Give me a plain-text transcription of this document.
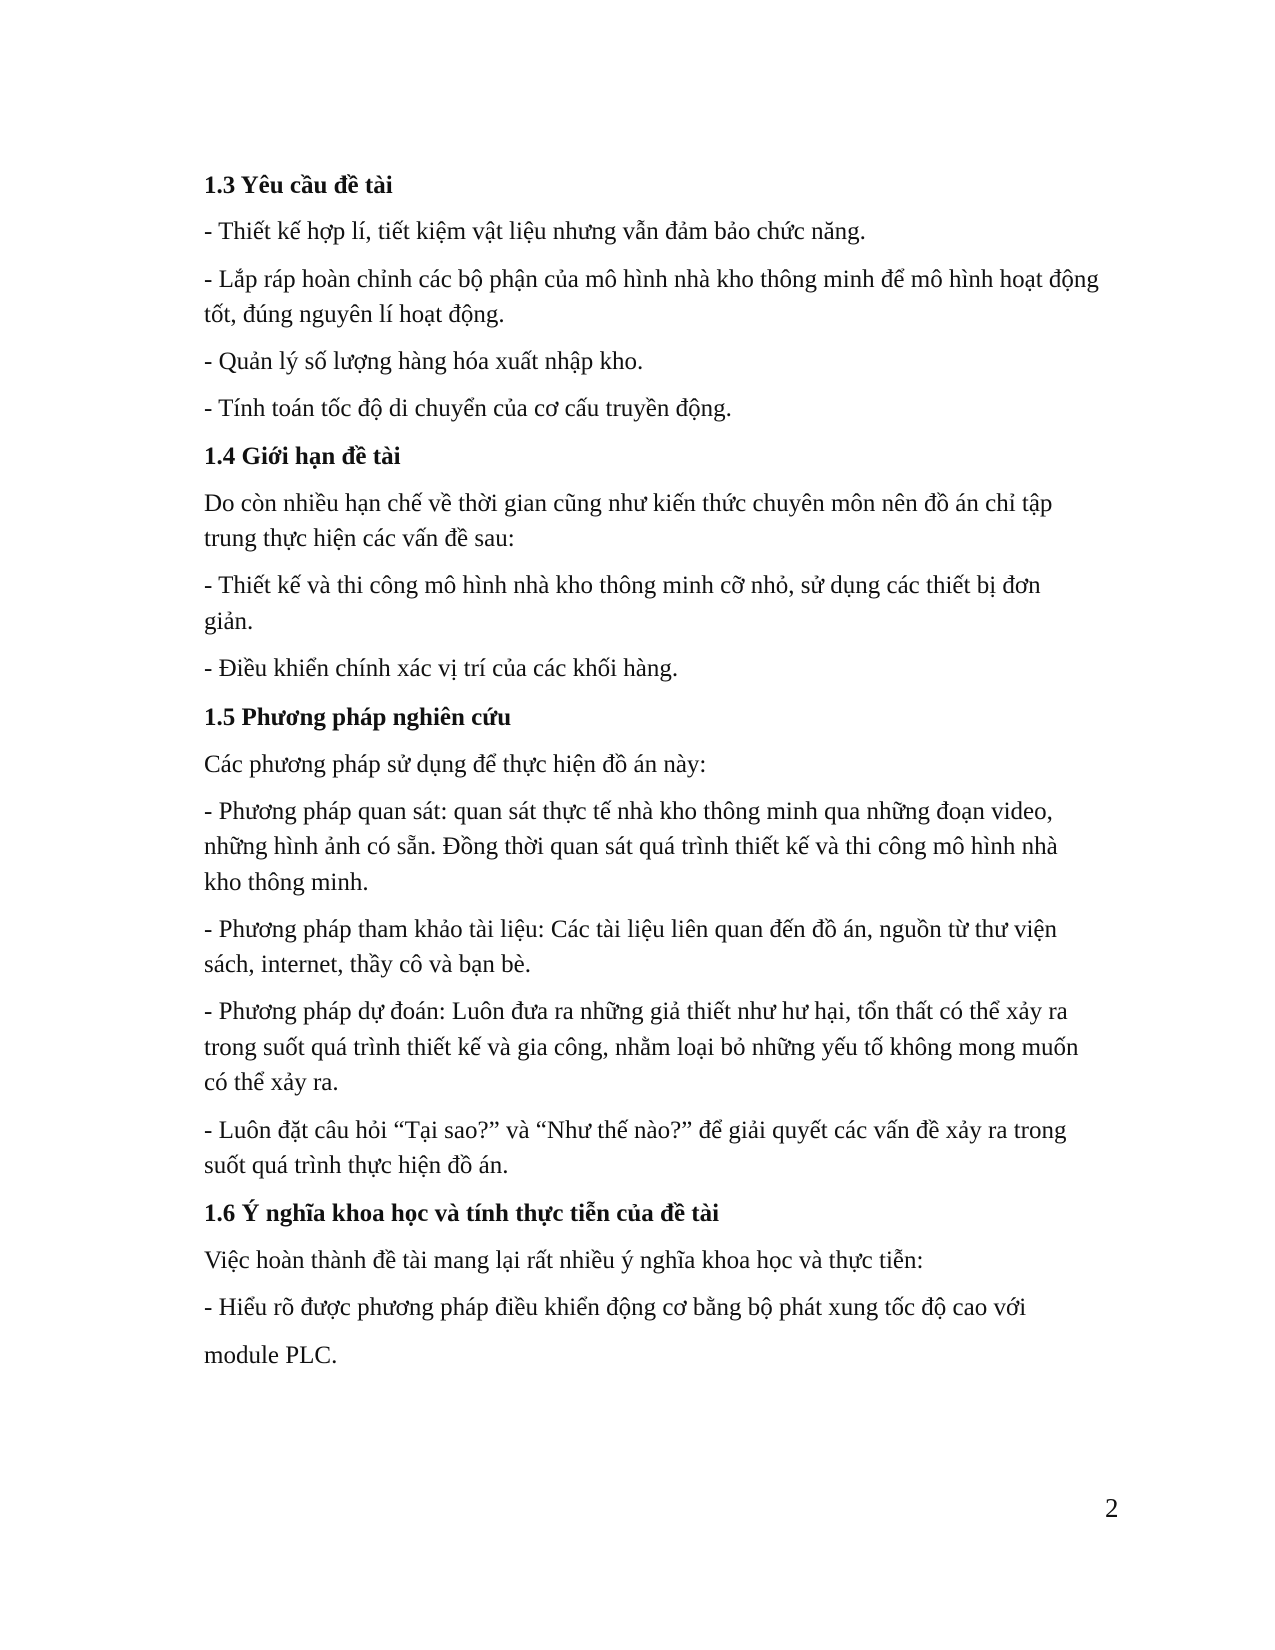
1.3 Yêu cầu đề tài

- Thiết kế hợp lí, tiết kiệm vật liệu nhưng vẫn đảm bảo chức năng.

- Lắp ráp hoàn chỉnh các bộ phận của mô hình nhà kho thông minh để mô hình hoạt động

tốt, đúng nguyên lí hoạt động.

- Quản lý số lượng hàng hóa xuất nhập kho.

- Tính toán tốc độ di chuyển của cơ cấu truyền động.

1.4 Giới hạn đề tài

Do còn nhiều hạn chế về thời gian cũng như kiến thức chuyên môn nên đồ án chỉ tập

trung thực hiện các vấn đề sau:

- Thiết kế và thi công mô hình nhà kho thông minh cỡ nhỏ, sử dụng các thiết bị đơn

giản.

- Điều khiển chính xác vị trí của các khối hàng.

1.5 Phương pháp nghiên cứu

Các phương pháp sử dụng để thực hiện đồ án này:

- Phương pháp quan sát: quan sát thực tế nhà kho thông minh qua những đoạn video,

những hình ảnh có sẵn. Đồng thời quan sát quá trình thiết kế và thi công mô hình nhà

kho thông minh.

- Phương pháp tham khảo tài liệu: Các tài liệu liên quan đến đồ án, nguồn từ thư viện

sách, internet, thầy cô và bạn bè.

- Phương pháp dự đoán: Luôn đưa ra những giả thiết như hư hại, tổn thất có thể xảy ra

trong suốt quá trình thiết kế và gia công, nhằm loại bỏ những yếu tố không mong muốn

có thể xảy ra.

- Luôn đặt câu hỏi “Tại sao?” và “Như thế nào?” để giải quyết các vấn đề xảy ra trong

suốt quá trình thực hiện đồ án.

1.6 Ý nghĩa khoa học và tính thực tiễn của đề tài

Việc hoàn thành đề tài mang lại rất nhiều ý nghĩa khoa học và thực tiễn:

- Hiểu rõ được phương pháp điều khiển động cơ bằng bộ phát xung tốc độ cao với

module PLC.

2
